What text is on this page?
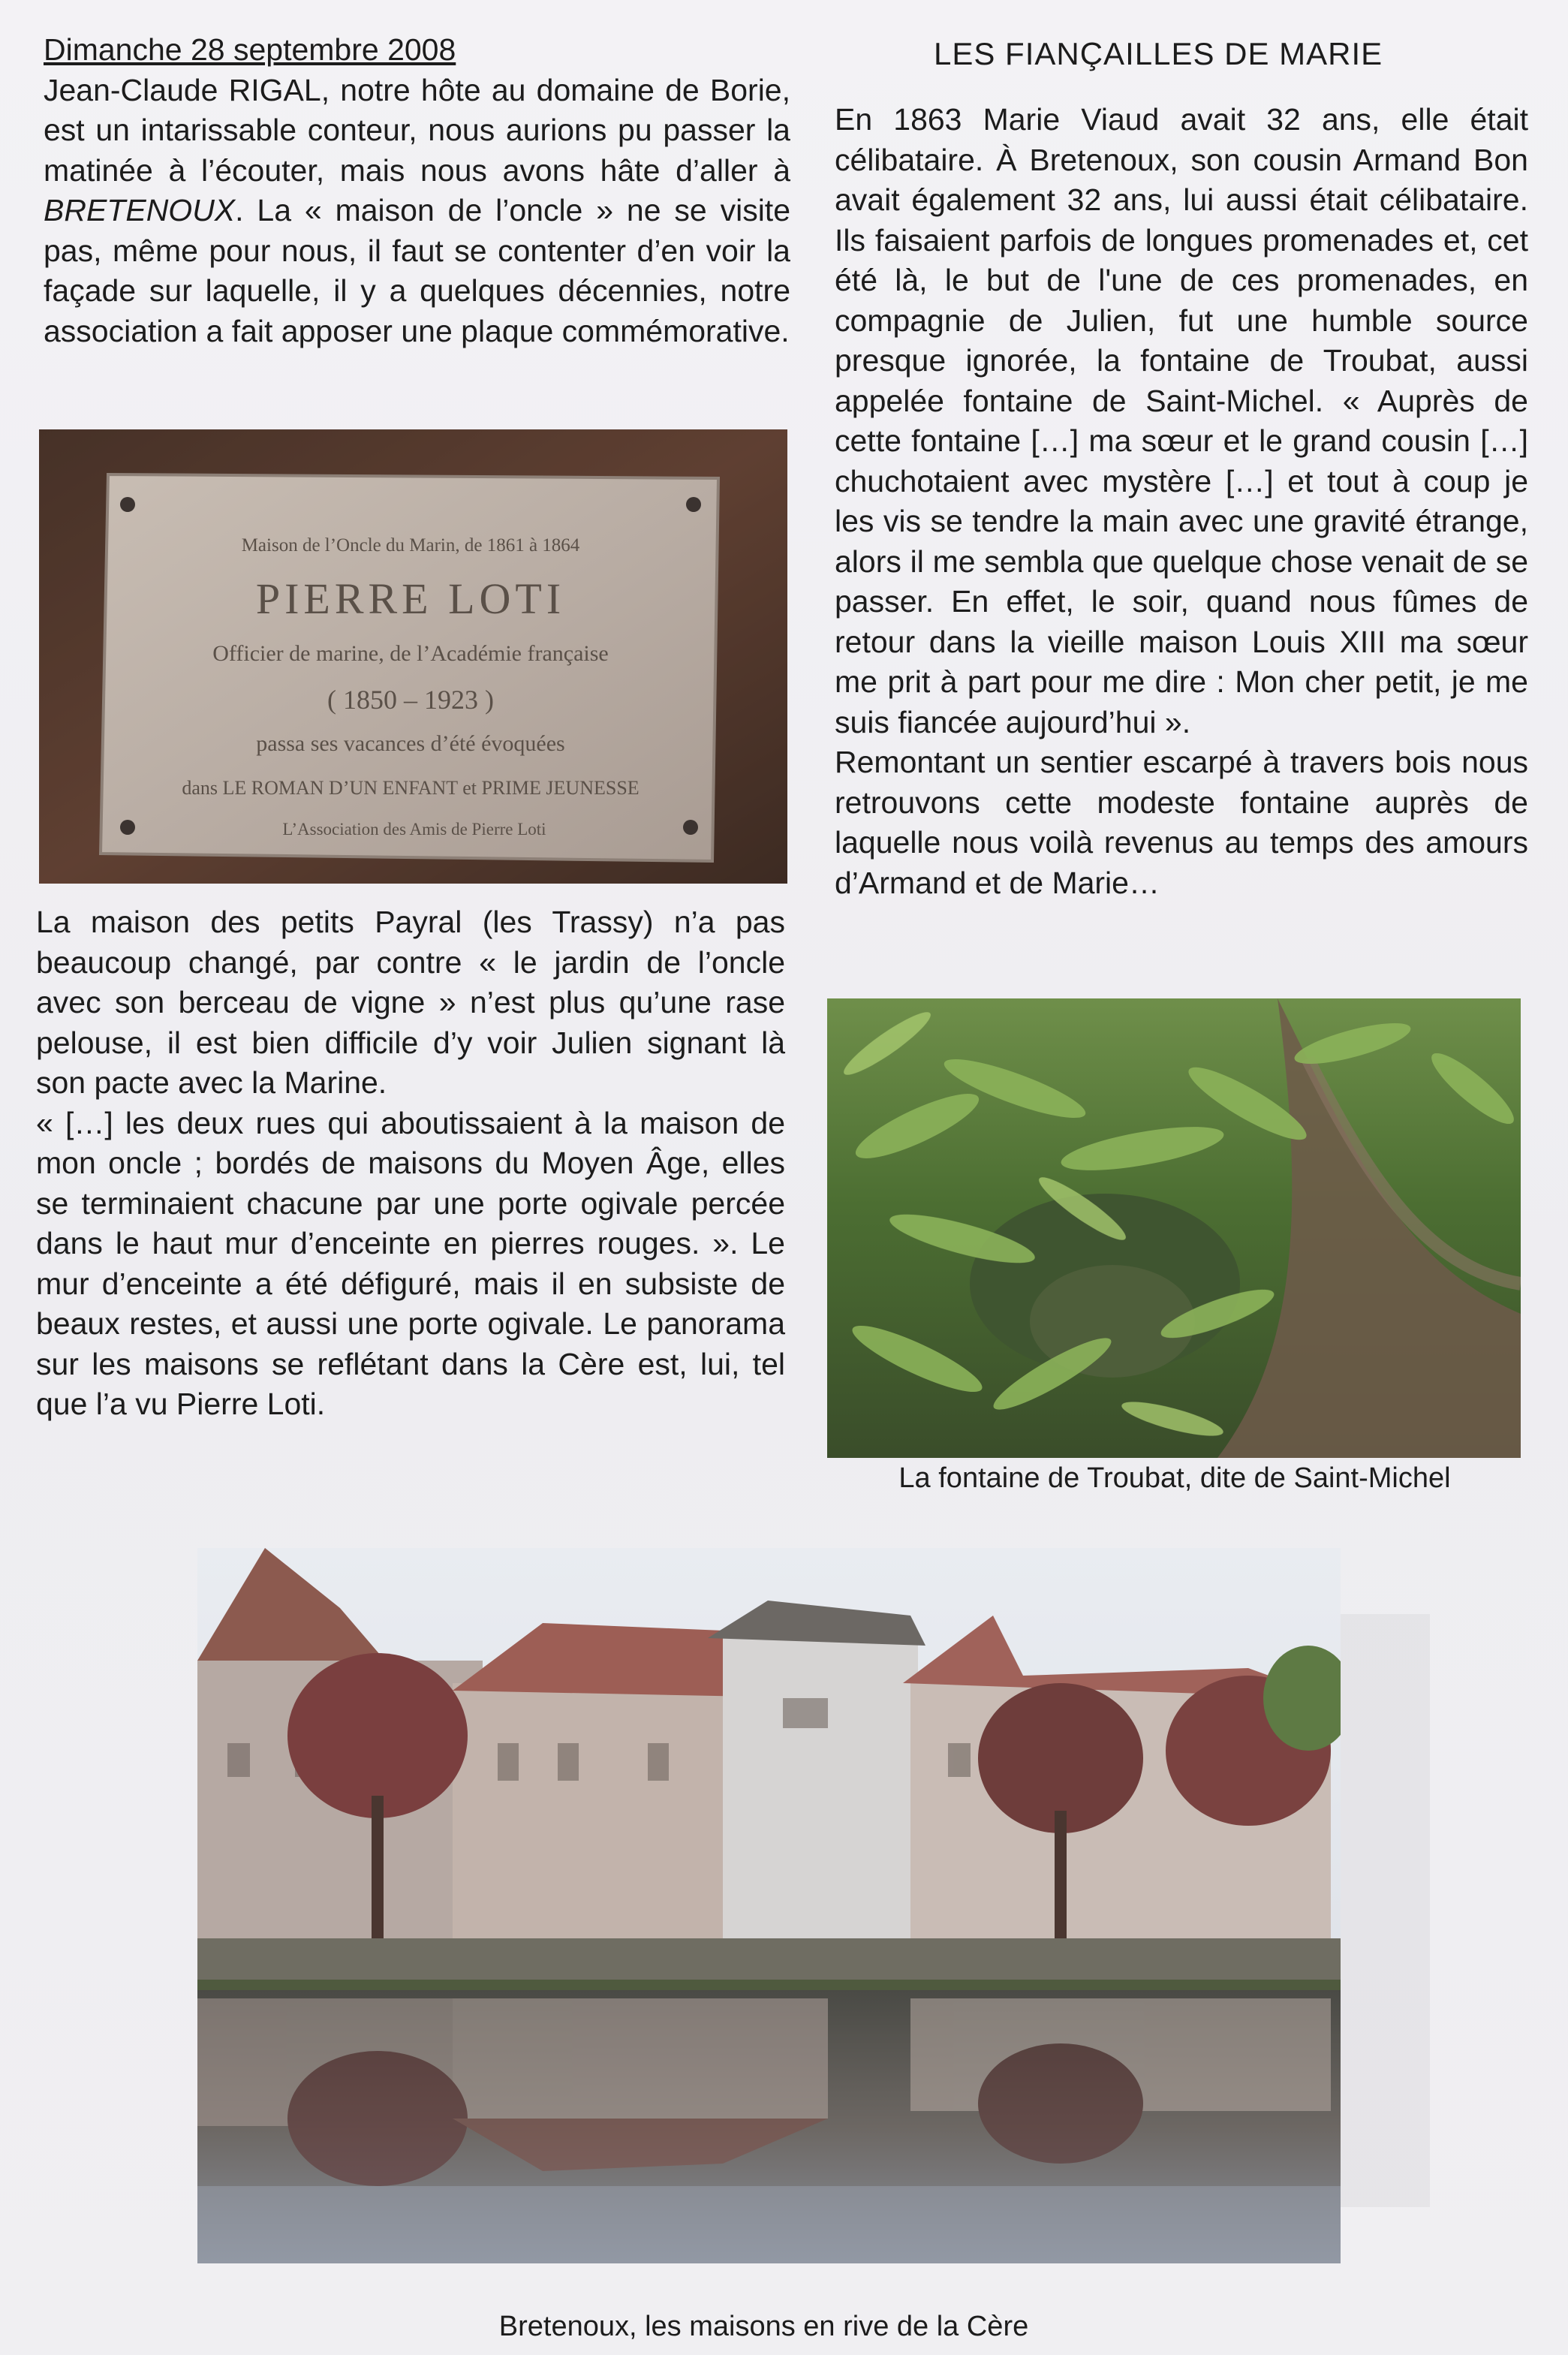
Dimanche 28 septembre 2008

Jean-Claude RIGAL, notre hôte au domaine de Borie, est un intarissable conteur, nous aurions pu passer la matinée à l’écouter, mais nous avons hâte d’aller à BRETENOUX. La « maison de l’oncle » ne se visite pas, même pour nous, il faut se contenter d’en voir la façade sur laquelle, il y a quelques décennies, notre association a fait apposer une plaque commémorative.

Maison de l’Oncle du Marin, de 1861 à 1864
PIERRE LOTI
Officier de marine, de l’Académie française
( 1850 – 1923 )
passa ses vacances d’été évoquées
dans LE ROMAN D’UN ENFANT et PRIME JEUNESSE
L’Association des Amis de Pierre Loti

La maison des petits Payral (les Trassy) n’a pas beaucoup changé, par contre « le jardin de l’oncle avec son berceau de vigne » n’est plus qu’une rase pelouse, il est bien difficile d’y voir Julien signant là son pacte avec la Marine.

« […] les deux rues qui aboutissaient à la maison de mon oncle ; bordés de maisons du Moyen Âge, elles se terminaient chacune par une porte ogivale percée dans le haut mur d’enceinte en pierres rouges. ». Le mur d’enceinte a été défiguré, mais il en subsiste de beaux restes, et aussi une porte ogivale. Le panorama sur les maisons se reflétant dans la Cère est, lui, tel que l’a vu Pierre Loti.

LES FIANÇAILLES DE MARIE

En 1863 Marie Viaud avait 32 ans, elle était célibataire. À Bretenoux, son cousin Armand Bon avait également 32 ans, lui aussi était célibataire. Ils faisaient parfois de longues promenades et, cet été là, le but de l'une de ces promenades, en compagnie de Julien, fut une humble source presque ignorée, la fontaine de Troubat, aussi appelée fontaine de Saint-Michel. « Auprès de cette fontaine […] ma sœur et le grand cousin […] chuchotaient avec mystère […] et tout à coup je les vis se tendre la main avec une gravité étrange, alors il me sembla que quelque chose venait de se passer. En effet, le soir, quand nous fûmes de retour dans la vieille maison Louis XIII ma sœur me prit à part pour me dire : Mon cher petit, je me suis fiancée aujourd’hui ».

Remontant un sentier escarpé à travers bois nous retrouvons cette modeste fontaine auprès de laquelle nous voilà revenus au temps des amours d’Armand et de Marie…

La fontaine de Troubat, dite de Saint-Michel
Bretenoux, les maisons en rive de la Cère
